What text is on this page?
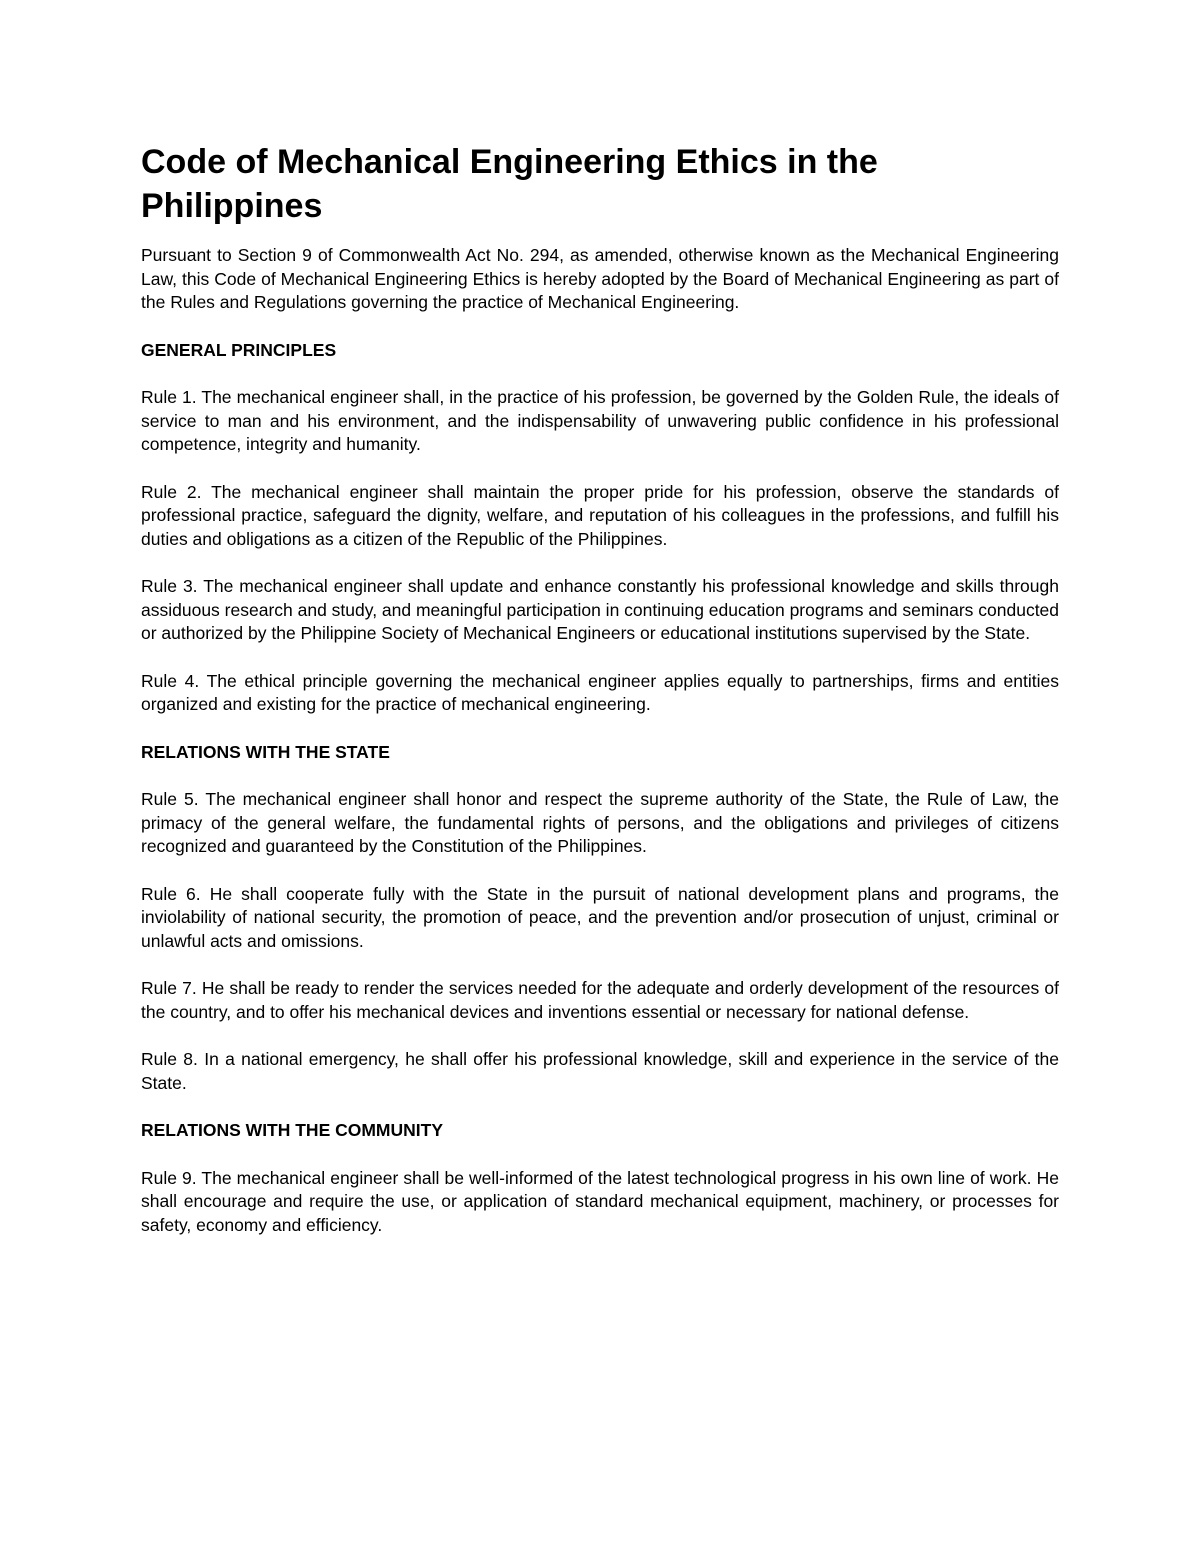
Code of Mechanical Engineering Ethics in the Philippines

Pursuant to Section 9 of Commonwealth Act No. 294, as amended, otherwise known as the Mechanical Engineering Law, this Code of Mechanical Engineering Ethics is hereby adopted by the Board of Mechanical Engineering as part of the Rules and Regulations governing the practice of Mechanical Engineering.

GENERAL PRINCIPLES

Rule 1. The mechanical engineer shall, in the practice of his profession, be governed by the Golden Rule, the ideals of service to man and his environment, and the indispensability of unwavering public confidence in his professional competence, integrity and humanity.

Rule 2. The mechanical engineer shall maintain the proper pride for his profession, observe the standards of professional practice, safeguard the dignity, welfare, and reputation of his colleagues in the professions, and fulfill his duties and obligations as a citizen of the Republic of the Philippines.

Rule 3. The mechanical engineer shall update and enhance constantly his professional knowledge and skills through assiduous research and study, and meaningful participation in continuing education programs and seminars conducted or authorized by the Philippine Society of Mechanical Engineers or educational institutions supervised by the State.

Rule 4. The ethical principle governing the mechanical engineer applies equally to partnerships, firms and entities organized and existing for the practice of mechanical engineering.

RELATIONS WITH THE STATE

Rule 5. The mechanical engineer shall honor and respect the supreme authority of the State, the Rule of Law, the primacy of the general welfare, the fundamental rights of persons, and the obligations and privileges of citizens recognized and guaranteed by the Constitution of the Philippines.

Rule 6. He shall cooperate fully with the State in the pursuit of national development plans and programs, the inviolability of national security, the promotion of peace, and the prevention and/or prosecution of unjust, criminal or unlawful acts and omissions.

Rule 7. He shall be ready to render the services needed for the adequate and orderly development of the resources of the country, and to offer his mechanical devices and inventions essential or necessary for national defense.

Rule 8. In a national emergency, he shall offer his professional knowledge, skill and experience in the service of the State.

RELATIONS WITH THE COMMUNITY

Rule 9. The mechanical engineer shall be well-informed of the latest technological progress in his own line of work. He shall encourage and require the use, or application of standard mechanical equipment, machinery, or processes for safety, economy and efficiency.
